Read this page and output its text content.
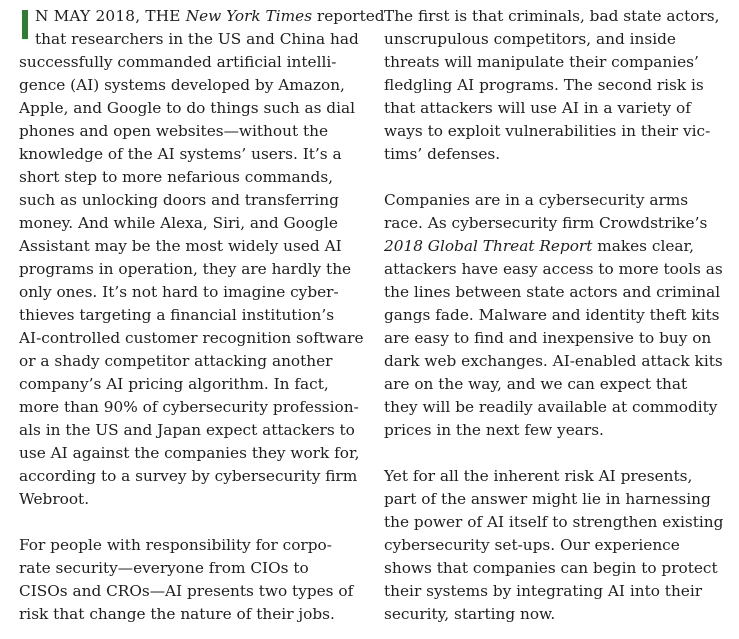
N MAY 2018, THE New York Times reported
that researchers in the US and China had
successfully commanded artificial intelli-
gence (AI) systems developed by Amazon,
Apple, and Google to do things such as dial
phones and open websites—without the
knowledge of the AI systems’ users. It’s a
short step to more nefarious commands,
such as unlocking doors and transferring
money. And while Alexa, Siri, and Google
Assistant may be the most widely used AI
programs in operation, they are hardly the
only ones. It’s not hard to imagine cyber-
thieves targeting a financial institution’s
AI-controlled customer recognition software
or a shady competitor attacking another
company’s AI pricing algorithm. In fact,
more than 90% of cybersecurity profession-
als in the US and Japan expect attackers to
use AI against the companies they work for,
according to a survey by cybersecurity firm
Webroot.
For people with responsibility for corpo-
rate security—everyone from CIOs to
CISOs and CROs—AI presents two types of
risk that change the nature of their jobs.
The first is that criminals, bad state actors,
unscrupulous competitors, and inside
threats will manipulate their companies’
fledgling AI programs. The second risk is
that attackers will use AI in a variety of
ways to exploit vulnerabilities in their vic-
tims’ defenses.
Companies are in a cybersecurity arms
race. As cybersecurity firm Crowdstrike’s
2018 Global Threat Report makes clear,
attackers have easy access to more tools as
the lines between state actors and criminal
gangs fade. Malware and identity theft kits
are easy to find and inexpensive to buy on
dark web exchanges. AI-enabled attack kits
are on the way, and we can expect that
they will be readily available at commodity
prices in the next few years.
Yet for all the inherent risk AI presents,
part of the answer might lie in harnessing
the power of AI itself to strengthen existing
cybersecurity set-ups. Our experience
shows that companies can begin to protect
their systems by integrating AI into their
security, starting now.
